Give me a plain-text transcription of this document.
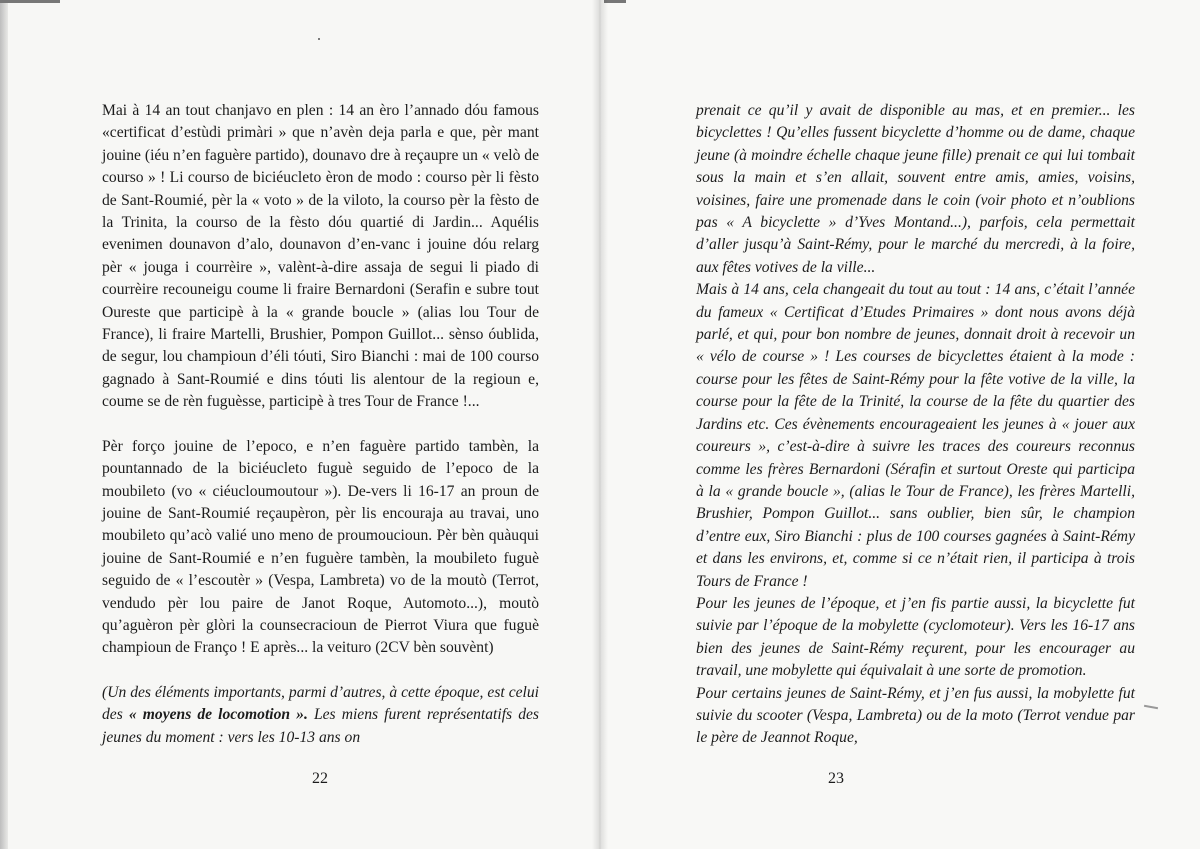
Mai à 14 an tout chanjavo en plen : 14 an èro l’annado dóu famous «certificat d’estùdi primàri » que n’avèn deja parla e que, pèr mant jouine (iéu n’en faguère partido), dounavo dre à reçaupre un « velò de courso » ! Li courso de biciéucleto èron de modo : courso pèr li fèsto de Sant-Roumié, pèr la « voto » de la viloto, la courso pèr la fèsto de la Trinita, la courso de la fèsto dóu quartié di Jardin... Aquélis evenimen dounavon d’alo, dounavon d’en-vanc i jouine dóu relarg pèr « jouga i courrèire », valènt-à-dire assaja de segui li piado di courrèire recouneigu coume li fraire Bernardoni (Serafin e subre tout Oureste que participè à la « grande boucle » (alias lou Tour de France), li fraire Martelli, Brushier, Pompon Guillot... sènso óublida, de segur, lou champioun d’éli tóuti, Siro Bianchi : mai de 100 courso gagnado à Sant-Roumié e dins tóuti lis alentour de la regioun e, coume se de rèn fuguèsse, participè à tres Tour de France !...

Pèr forço jouine de l’epoco, e n’en faguère partido tambèn, la pountannado de la biciéucleto fuguè seguido de l’epoco de la moubileto (vo « ciéucloumoutour »). De-vers li 16-17 an proun de jouine de Sant-Roumié reçaupèron, pèr lis encouraja au travai, uno moubileto qu’acò valié uno meno de proumoucioun. Pèr bèn quàuqui jouine de Sant-Roumié e n’en fuguère tambèn, la moubileto fuguè seguido de « l’escoutèr » (Vespa, Lambreta) vo de la moutò (Terrot, vendudo pèr lou paire de Janot Roque, Automoto...), moutò qu’aguèron pèr glòri la counsecracioun de Pierrot Viura que fuguè champioun de Franço ! E après... la veituro (2CV bèn souvènt)

(Un des éléments importants, parmi d’autres, à cette époque, est celui des « moyens de locomotion ». Les miens furent représentatifs des jeunes du moment : vers les 10-13 ans on

22

prenait ce qu’il y avait de disponible au mas, et en premier... les bicyclettes ! Qu’elles fussent bicyclette d’homme ou de dame, chaque jeune (à moindre échelle chaque jeune fille) prenait ce qui lui tombait sous la main et s’en allait, souvent entre amis, amies, voisins, voisines, faire une promenade dans le coin (voir photo et n’oublions pas « A bicyclette » d’Yves Montand...), parfois, cela permettait d’aller jusqu’à Saint-Rémy, pour le marché du mercredi, à la foire, aux fêtes votives de la ville...

Mais à 14 ans, cela changeait du tout au tout : 14 ans, c’était l’année du fameux « Certificat d’Etudes Primaires » dont nous avons déjà parlé, et qui, pour bon nombre de jeunes, donnait droit à recevoir un « vélo de course » ! Les courses de bicyclettes étaient à la mode : course pour les fêtes de Saint-Rémy pour la fête votive de la ville, la course pour la fête de la Trinité, la course de la fête du quartier des Jardins etc. Ces évènements encourageaient les jeunes à « jouer aux coureurs », c’est-à-dire à suivre les traces des coureurs reconnus comme les frères Bernardoni (Sérafin et surtout Oreste qui participa à la « grande boucle », (alias le Tour de France), les frères Martelli, Brushier, Pompon Guillot... sans oublier, bien sûr, le champion d’entre eux, Siro Bianchi : plus de 100 courses gagnées à Saint-Rémy et dans les environs, et, comme si ce n’était rien, il participa à trois Tours de France !

Pour les jeunes de l’époque, et j’en fis partie aussi, la bicyclette fut suivie par l’époque de la mobylette (cyclomoteur). Vers les 16-17 ans bien des jeunes de Saint-Rémy reçurent, pour les encourager au travail, une mobylette qui équivalait à une sorte de promotion.

Pour certains jeunes de Saint-Rémy, et j’en fus aussi, la mobylette fut suivie du scooter (Vespa, Lambreta) ou de la moto (Terrot vendue par le père de Jeannot Roque,

23
